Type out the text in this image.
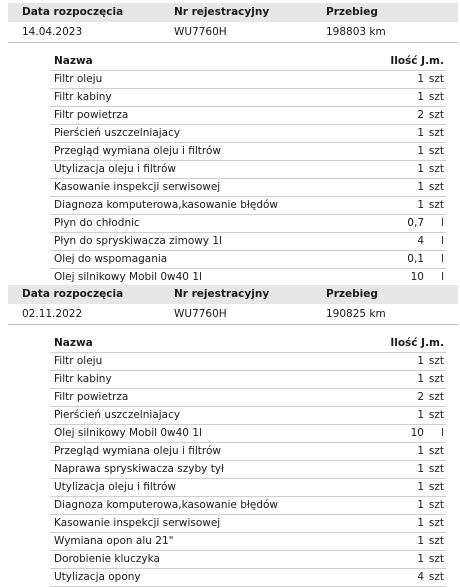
Data rozpoczęcia	Nr rejestracyjny	Przebieg
14.04.2023	WU7760H	198803 km
Nazwa	Ilość J.m.
Filtr oleju	1 szt
Filtr kabiny	1 szt
Filtr powietrza	2 szt
Pierścień uszczelniajacy	1 szt
Przegląd wymiana oleju i filtrów	1 szt
Utylizacja oleju i filtrów	1 szt
Kasowanie inspekcji serwisowej	1 szt
Diagnoza komputerowa,kasowanie błędów	1 szt
Płyn do chłodnic	0,7 l
Płyn do spryskiwacza zimowy 1l	4 l
Olej do wspomagania	0,1 l
Olej silnikowy Mobil 0w40 1l	10 l
Data rozpoczęcia	Nr rejestracyjny	Przebieg
02.11.2022	WU7760H	190825 km
Nazwa	Ilość J.m.
Filtr oleju	1 szt
Filtr kabiny	1 szt
Filtr powietrza	2 szt
Pierścień uszczelniajacy	1 szt
Olej silnikowy Mobil 0w40 1l	10 l
Przegląd wymiana oleju i filtrów	1 szt
Naprawa spryskiwacza szyby tył	1 szt
Utylizacja oleju i filtrów	1 szt
Diagnoza komputerowa,kasowanie błędów	1 szt
Kasowanie inspekcji serwisowej	1 szt
Wymiana opon alu 21"	1 szt
Dorobienie kluczyka	1 szt
Utylizacja opony	4 szt
